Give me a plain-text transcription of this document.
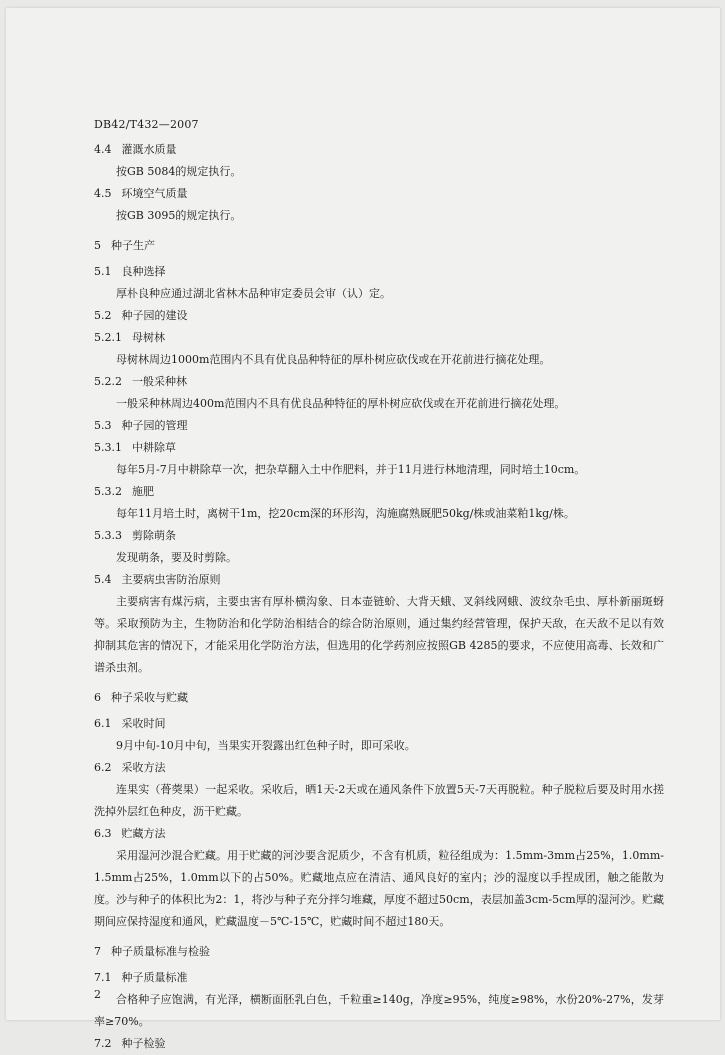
DB42/T432—2007
4.4 灌溉水质量
按GB 5084的规定执行。
4.5 环境空气质量
按GB 3095的规定执行。
5 种子生产
5.1 良种选择
厚朴良种应通过湖北省林木品种审定委员会审（认）定。
5.2 种子园的建设
5.2.1 母树林
母树林周边1000m范围内不具有优良品种特征的厚朴树应砍伐或在开花前进行摘花处理。
5.2.2 一般采种林
一般采种林周边400m范围内不具有优良品种特征的厚朴树应砍伐或在开花前进行摘花处理。
5.3 种子园的管理
5.3.1 中耕除草
每年5月-7月中耕除草一次，把杂草翻入土中作肥料，并于11月进行林地清理，同时培土10cm。
5.3.2 施肥
每年11月培土时，离树干1m，挖20cm深的环形沟，沟施腐熟厩肥50kg/株或油菜粕1kg/株。
5.3.3 剪除萌条
发现萌条，要及时剪除。
5.4 主要病虫害防治原则
主要病害有煤污病，主要虫害有厚朴横沟象、日本壶链蚧、大背天蛾、叉斜线网蛾、波纹杂毛虫、厚朴新丽斑蚜等。采取预防为主，生物防治和化学防治相结合的综合防治原则，通过集约经营管理，保护天敌，在天敌不足以有效抑制其危害的情况下，才能采用化学防治方法，但选用的化学药剂应按照GB 4285的要求，不应使用高毒、长效和广谱杀虫剂。
6 种子采收与贮藏
6.1 采收时间
9月中旬-10月中旬，当果实开裂露出红色种子时，即可采收。
6.2 采收方法
连果实（蓇葖果）一起采收。采收后，晒1天-2天或在通风条件下放置5天-7天再脱粒。种子脱粒后要及时用水搓洗掉外层红色种皮，沥干贮藏。
6.3 贮藏方法
采用湿河沙混合贮藏。用于贮藏的河沙要含泥质少，不含有机质，粒径组成为：1.5mm-3mm占25%，1.0mm-1.5mm占25%，1.0mm以下的占50%。贮藏地点应在清洁、通风良好的室内；沙的湿度以手捏成团，触之能散为度。沙与种子的体积比为2：1，将沙与种子充分拌匀堆藏，厚度不超过50cm，表层加盖3cm-5cm厚的湿河沙。贮藏期间应保持湿度和通风，贮藏温度－5℃-15℃，贮藏时间不超过180天。
7 种子质量标准与检验
7.1 种子质量标准
合格种子应饱满，有光泽，横断面胚乳白色，千粒重≥140g，净度≥95%，纯度≥98%，水份20%-27%，发芽率≥70%。
7.2 种子检验
2
